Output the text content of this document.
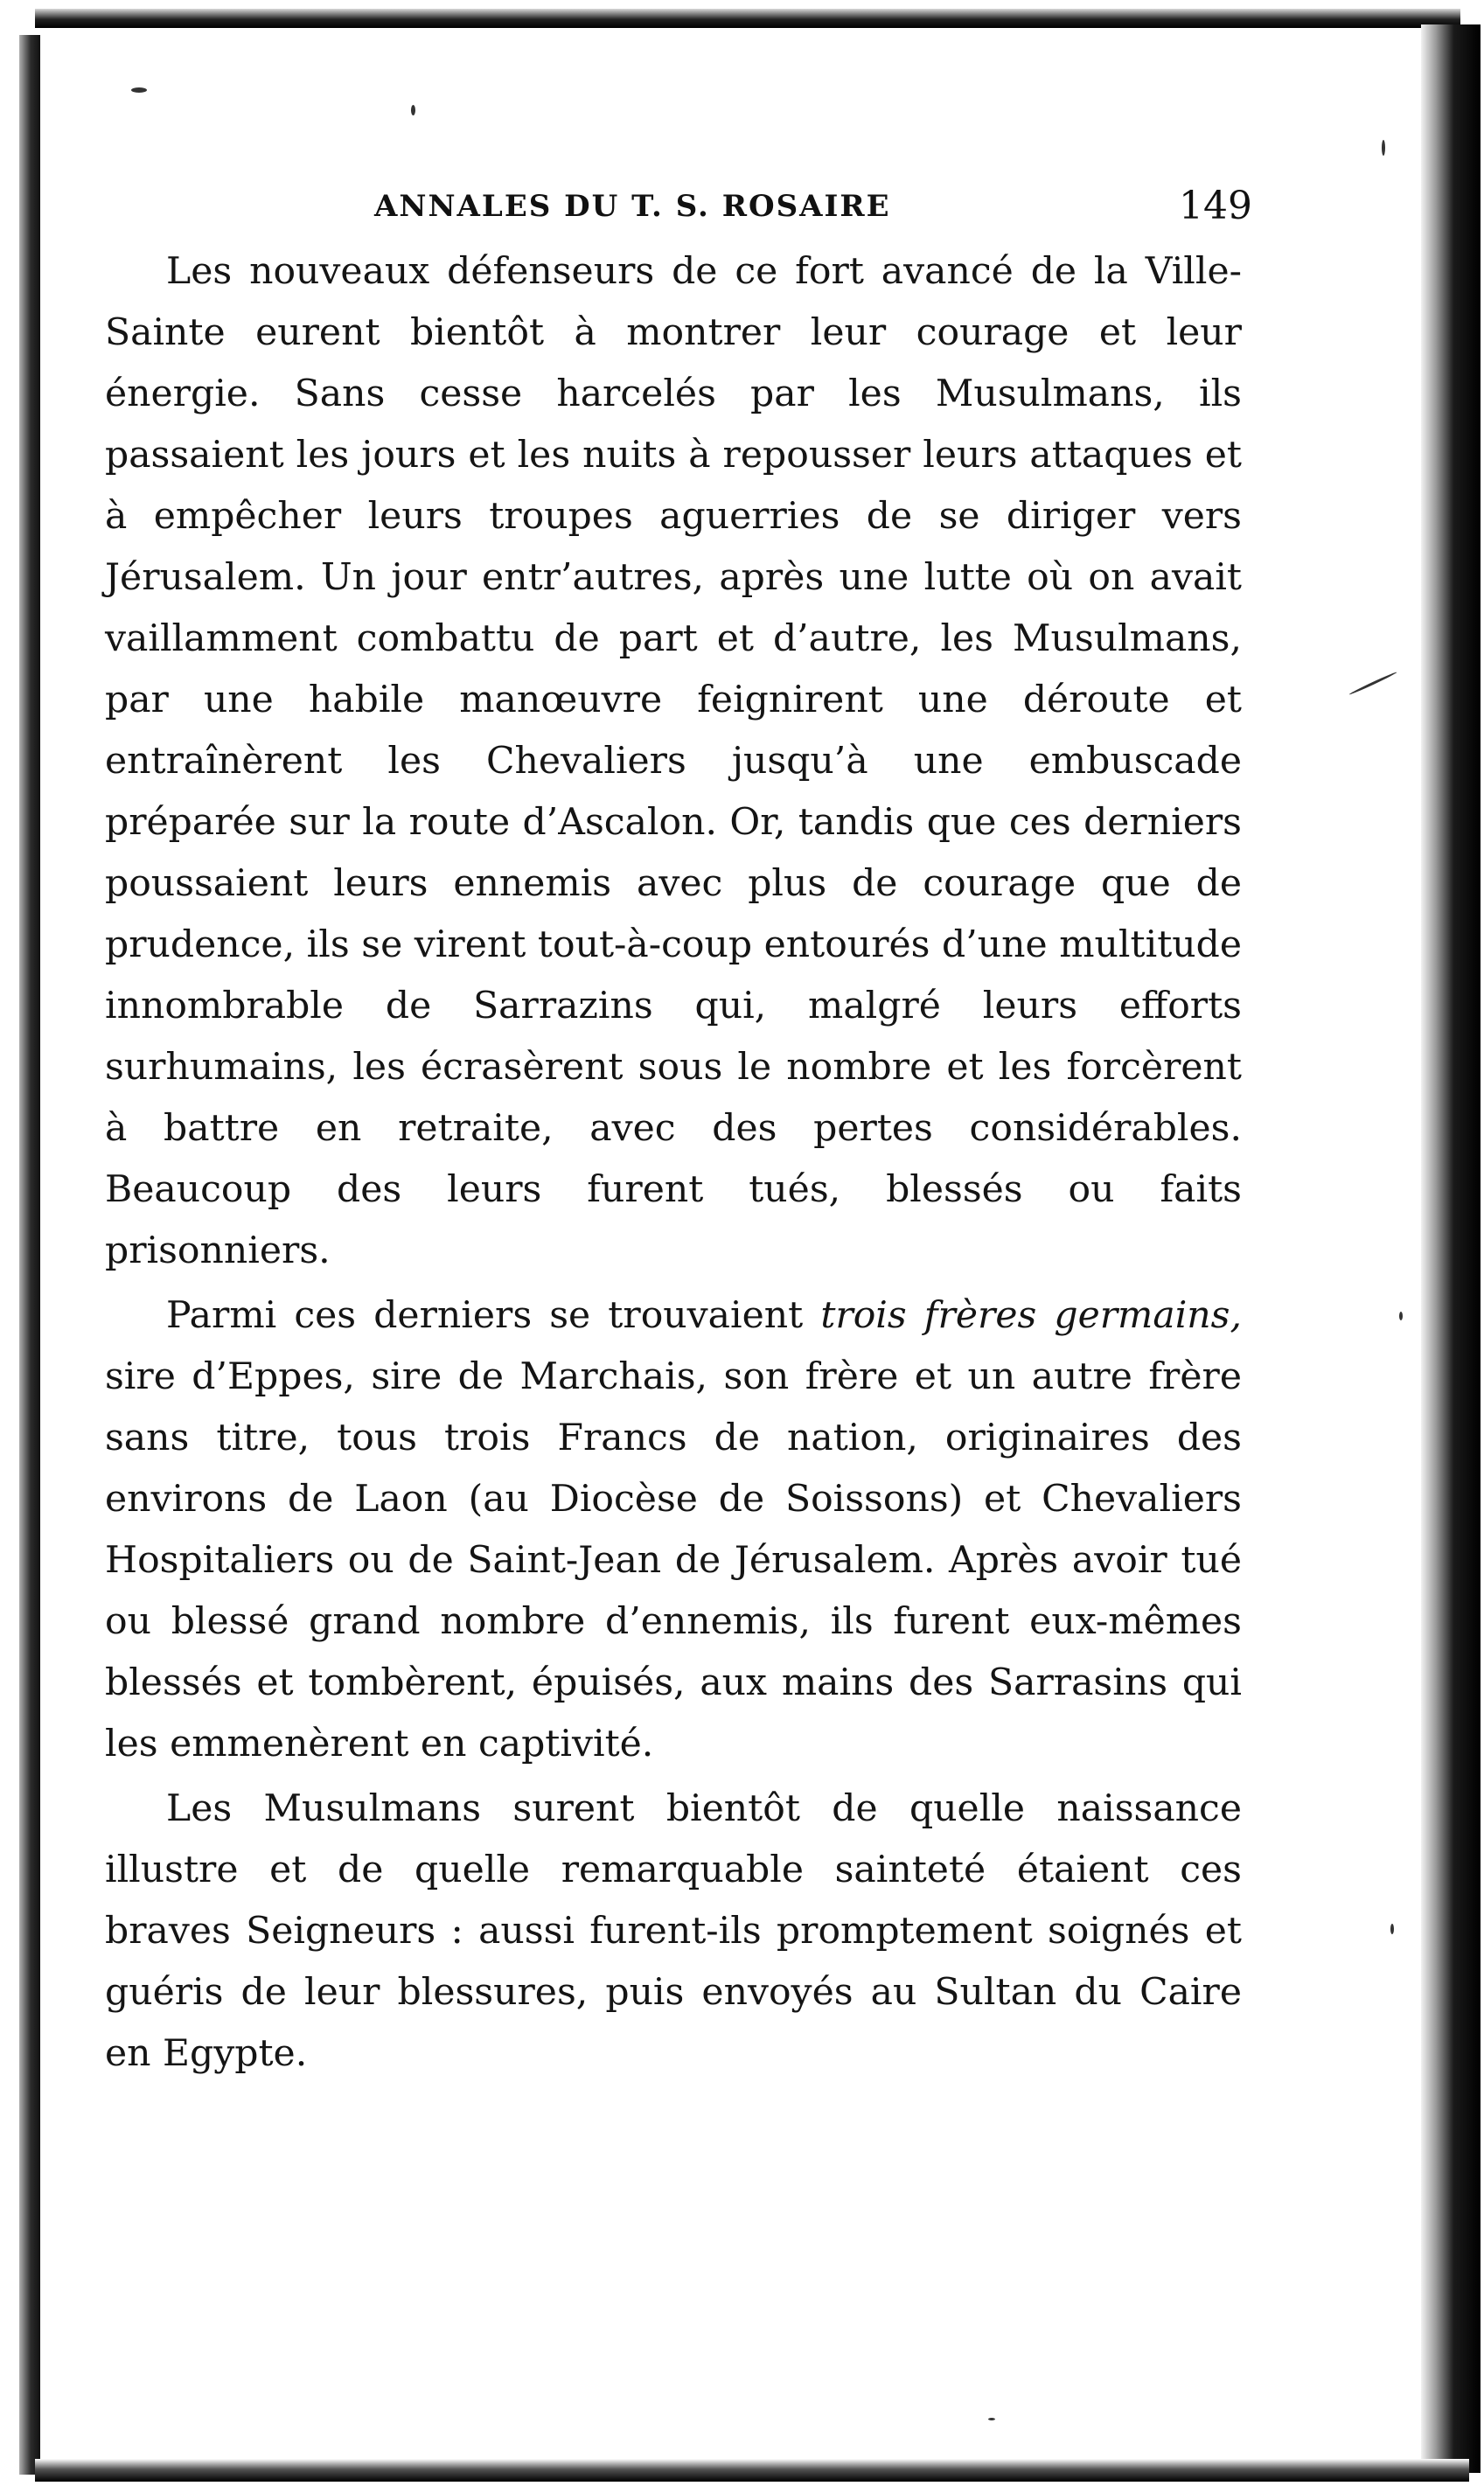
ANNALES DU T. S. ROSAIRE	149

Les nouveaux défenseurs de ce fort avancé de la Ville-Sainte eurent bientôt à montrer leur courage et leur énergie. Sans cesse harcelés par les Musulmans, ils passaient les jours et les nuits à repousser leurs attaques et à empêcher leurs troupes aguerries de se diriger vers Jérusalem. Un jour entr’autres, après une lutte où on avait vaillamment combattu de part et d’autre, les Musulmans, par une habile manœuvre feignirent une déroute et entraînèrent les Chevaliers jusqu’à une embuscade préparée sur la route d’Ascalon. Or, tandis que ces derniers poussaient leurs ennemis avec plus de courage que de prudence, ils se virent tout-à-coup entourés d’une multitude innombrable de Sarrazins qui, malgré leurs efforts surhumains, les écrasèrent sous le nombre et les forcèrent à battre en retraite, avec des pertes considérables. Beaucoup des leurs furent tués, blessés ou faits prisonniers.

Parmi ces derniers se trouvaient trois frères germains, sire d’Eppes, sire de Marchais, son frère et un autre frère sans titre, tous trois Francs de nation, originaires des environs de Laon (au Diocèse de Soissons) et Chevaliers Hospitaliers ou de Saint-Jean de Jérusalem. Après avoir tué ou blessé grand nombre d’ennemis, ils furent eux-mêmes blessés et tombèrent, épuisés, aux mains des Sarrasins qui les emmenèrent en captivité.

Les Musulmans surent bientôt de quelle naissance illustre et de quelle remarquable sainteté étaient ces braves Seigneurs : aussi furent-ils promptement soignés et guéris de leur blessures, puis envoyés au Sultan du Caire en Egypte.
